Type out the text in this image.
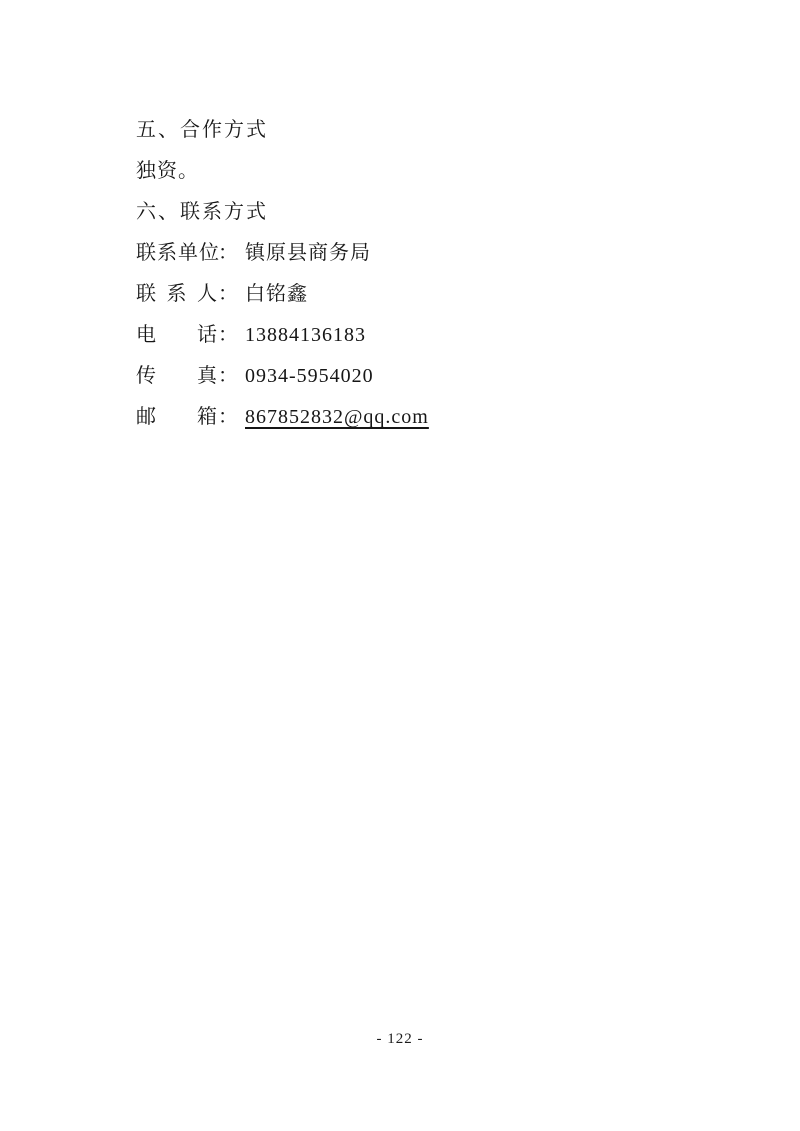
五、合作方式
独资。
六、联系方式
联系单位
： 镇原县商务局
联系人 ： 白铭鑫
电话 ： 13884136183
传真 ： 0934-5954020
邮箱 ： 867852832@qq.com
- 122 -
